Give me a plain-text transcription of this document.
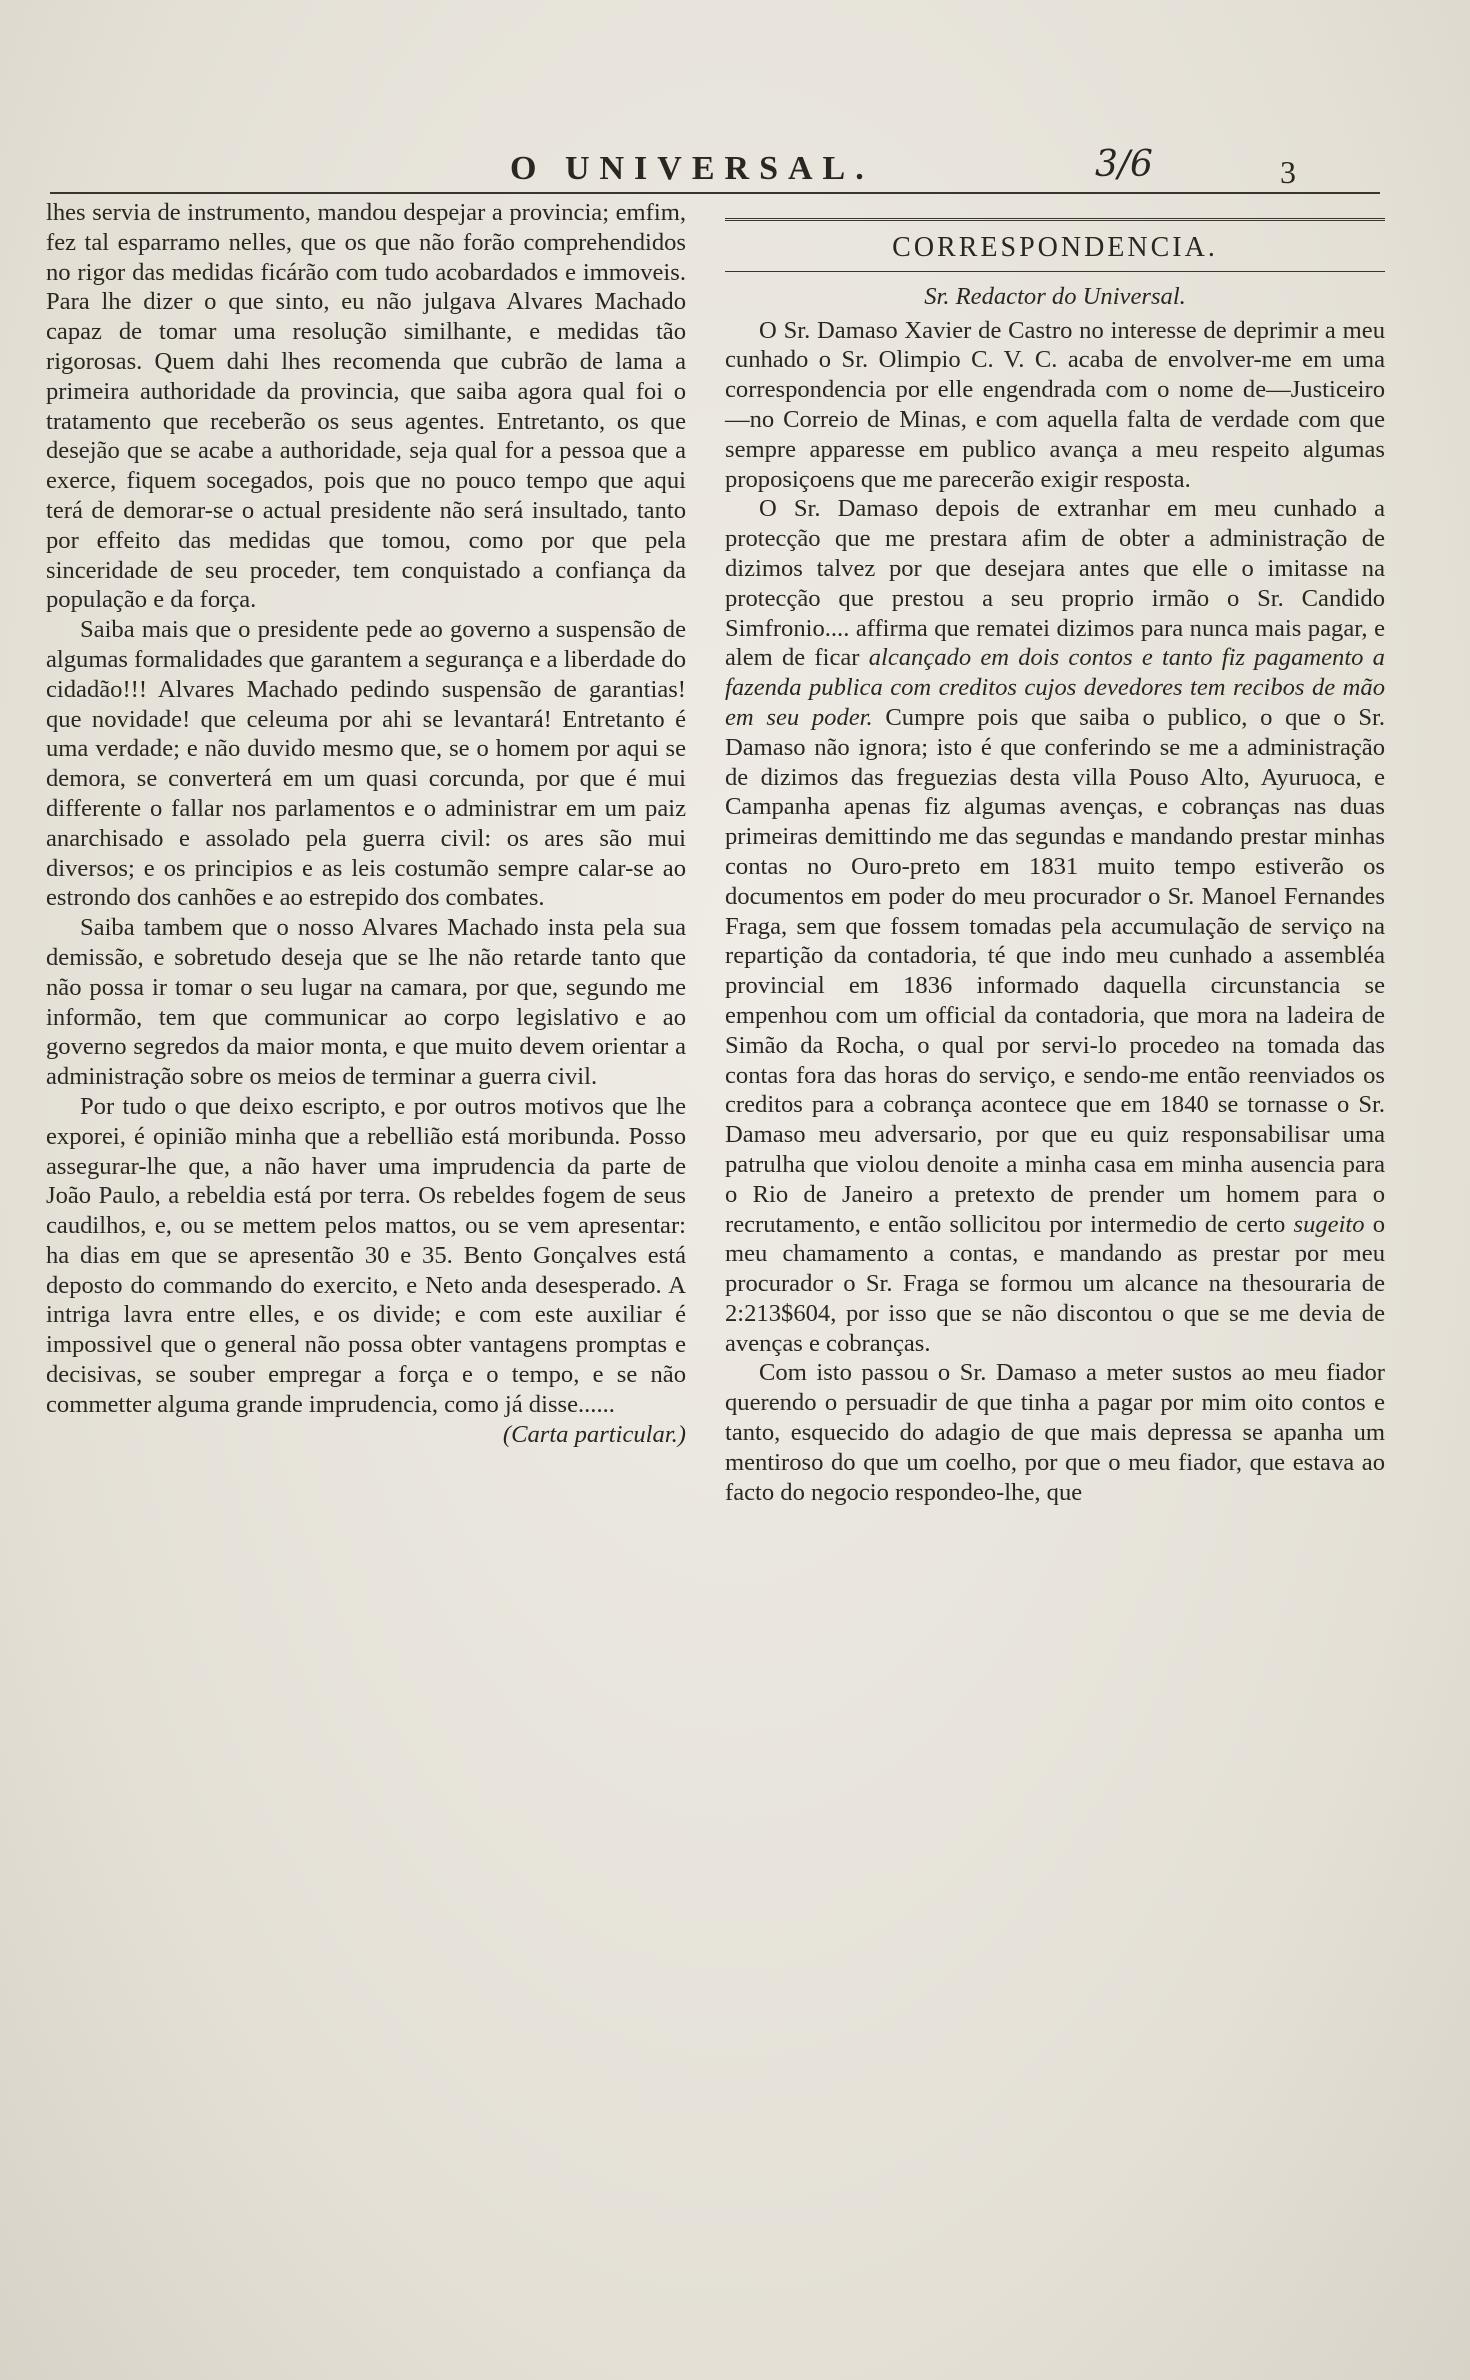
O UNIVERSAL.	3/6	3

lhes servia de instrumento, mandou despejar a provincia; emfim, fez tal esparramo nelles, que os que não forão comprehendidos no rigor das medidas ficárão com tudo acobardados e immoveis. Para lhe dizer o que sinto, eu não julgava Alvares Machado capaz de tomar uma resolução similhante, e medidas tão rigorosas. Quem dahi lhes recomenda que cubrão de lama a primeira authoridade da provincia, que saiba agora qual foi o tratamento que receberão os seus agentes. Entretanto, os que desejão que se acabe a authoridade, seja qual for a pessoa que a exerce, fiquem socegados, pois que no pouco tempo que aqui terá de demorar-se o actual presidente não será insultado, tanto por effeito das medidas que tomou, como por que pela sinceridade de seu proceder, tem conquistado a confiança da população e da força.

Saiba mais que o presidente pede ao governo a suspensão de algumas formalidades que garantem a segurança e a liberdade do cidadão!!! Alvares Machado pedindo suspensão de garantias! que novidade! que celeuma por ahi se levantará! Entretanto é uma verdade; e não duvido mesmo que, se o homem por aqui se demora, se converterá em um quasi corcunda, por que é mui differente o fallar nos parlamentos e o administrar em um paiz anarchisado e assolado pela guerra civil: os ares são mui diversos; e os principios e as leis costumão sempre calar-se ao estrondo dos canhões e ao estrepido dos combates.

Saiba tambem que o nosso Alvares Machado insta pela sua demissão, e sobretudo deseja que se lhe não retarde tanto que não possa ir tomar o seu lugar na camara, por que, segundo me informão, tem que communicar ao corpo legislativo e ao governo segredos da maior monta, e que muito devem orientar a administração sobre os meios de terminar a guerra civil.

Por tudo o que deixo escripto, e por outros motivos que lhe exporei, é opinião minha que a rebellião está moribunda. Posso assegurar-lhe que, a não haver uma imprudencia da parte de João Paulo, a rebeldia está por terra. Os rebeldes fogem de seus caudilhos, e, ou se mettem pelos mattos, ou se vem apresentar: ha dias em que se apresentão 30 e 35. Bento Gonçalves está deposto do commando do exercito, e Neto anda desesperado. A intriga lavra entre elles, e os divide; e com este auxiliar é impossivel que o general não possa obter vantagens promptas e decisivas, se souber empregar a força e o tempo, e se não commetter alguma grande imprudencia, como já disse......

(Carta particular.)

CORRESPONDENCIA.

Sr. Redactor do Universal.

O Sr. Damaso Xavier de Castro no interesse de deprimir a meu cunhado o Sr. Olimpio C. V. C. acaba de envolver-me em uma correspondencia por elle engendrada com o nome de—Justiceiro—no Correio de Minas, e com aquella falta de verdade com que sempre apparesse em publico avança a meu respeito algumas proposiçoens que me parecerão exigir resposta.

O Sr. Damaso depois de extranhar em meu cunhado a protecção que me prestara afim de obter a administração de dizimos talvez por que desejara antes que elle o imitasse na protecção que prestou a seu proprio irmão o Sr. Candido Simfronio.... affirma que rematei dizimos para nunca mais pagar, e alem de ficar alcançado em dois contos e tanto fiz pagamento a fazenda publica com creditos cujos devedores tem recibos de mão em seu poder. Cumpre pois que saiba o publico, o que o Sr. Damaso não ignora; isto é que conferindo se me a administração de dizimos das freguezias desta villa Pouso Alto, Ayuruoca, e Campanha apenas fiz algumas avenças, e cobranças nas duas primeiras demittindo me das segundas e mandando prestar minhas contas no Ouro-preto em 1831 muito tempo estiverão os documentos em poder do meu procurador o Sr. Manoel Fernandes Fraga, sem que fossem tomadas pela accumulação de serviço na repartição da contadoria, té que indo meu cunhado a assembléa provincial em 1836 informado daquella circunstancia se empenhou com um official da contadoria, que mora na ladeira de Simão da Rocha, o qual por servi-lo procedeo na tomada das contas fora das horas do serviço, e sendo-me então reenviados os creditos para a cobrança acontece que em 1840 se tornasse o Sr. Damaso meu adversario, por que eu quiz responsabilisar uma patrulha que violou denoite a minha casa em minha ausencia para o Rio de Janeiro a pretexto de prender um homem para o recrutamento, e então sollicitou por intermedio de certo sugeito o meu chamamento a contas, e mandando as prestar por meu procurador o Sr. Fraga se formou um alcance na thesouraria de 2:213$604, por isso que se não discontou o que se me devia de avenças e cobranças.

Com isto passou o Sr. Damaso a meter sustos ao meu fiador querendo o persuadir de que tinha a pagar por mim oito contos e tanto, esquecido do adagio de que mais depressa se apanha um mentiroso do que um coelho, por que o meu fiador, que estava ao facto do negocio respondeo-lhe, que
